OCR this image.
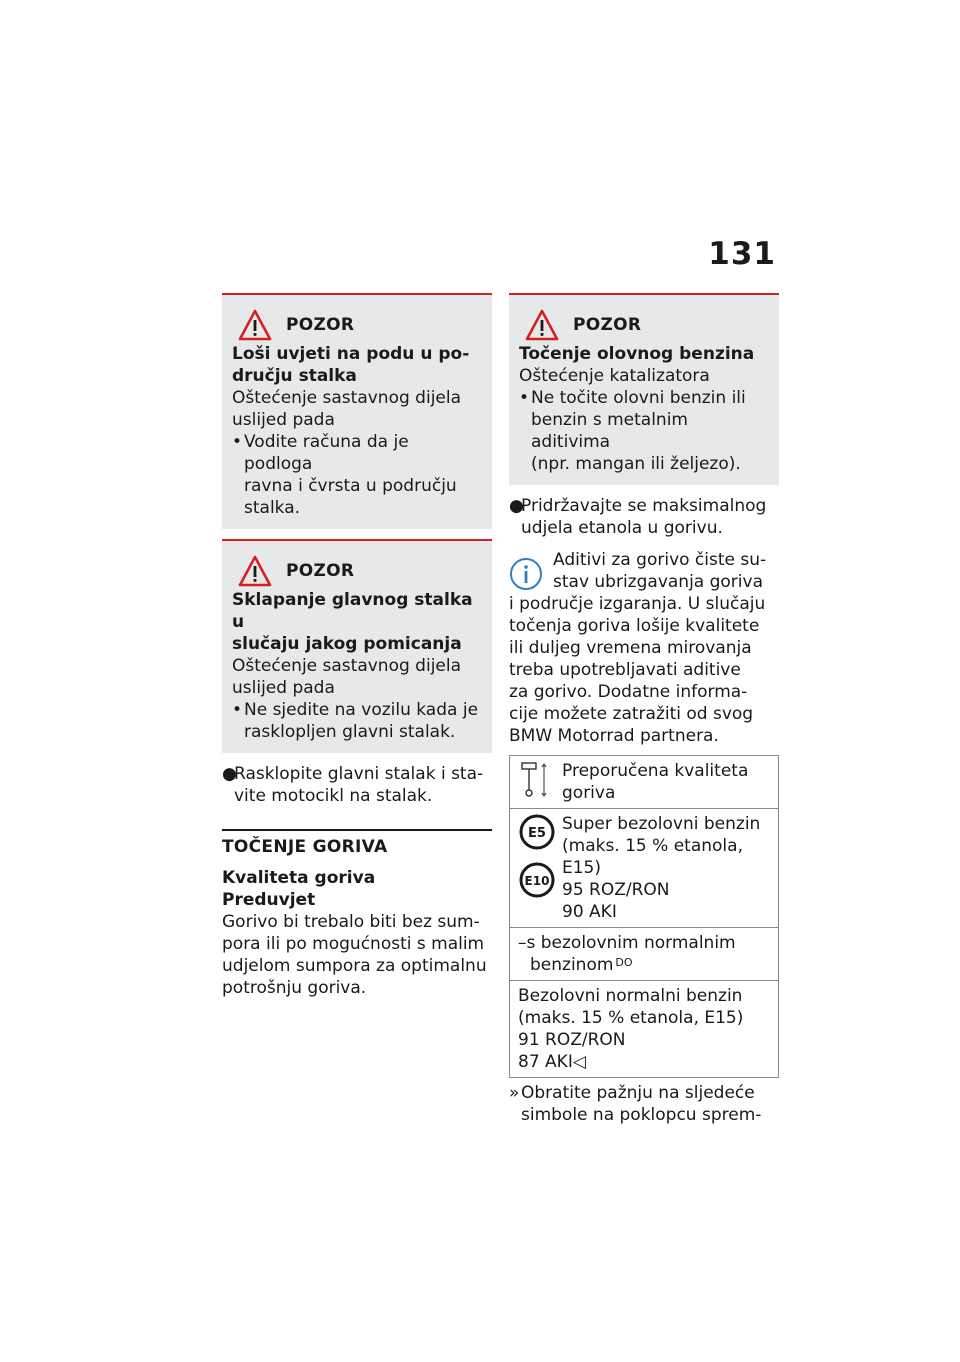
131
POZOR
Loši uvjeti na podu u po-
dručju stalka
Oštećenje sastavnog dijela
uslijed pada
• Vodite računa da je podloga
ravna i čvrsta u području
stalka.
POZOR
Sklapanje glavnog stalka u
slučaju jakog pomicanja
Oštećenje sastavnog dijela
uslijed pada
• Ne sjedite na vozilu kada je
rasklopljen glavni stalak.
●
Rasklopite glavni stalak i sta-
vite motocikl na stalak.
TOČENJE GORIVA
Kvaliteta goriva
Preduvjet
Gorivo bi trebalo biti bez sum-
pora ili po mogućnosti s malim
udjelom sumpora za optimalnu
potrošnju goriva.
POZOR
Točenje olovnog benzina
Oštećenje katalizatora
• Ne točite olovni benzin ili
benzin s metalnim aditivima
(npr. mangan ili željezo).
●
Pridržavajte se maksimalnog
udjela etanola u gorivu.
Aditivi za gorivo čiste su-
stav ubrizgavanja goriva
i područje izgaranja. U slučaju
točenja goriva lošije kvalitete
ili duljeg vremena mirovanja
treba upotrebljavati aditive
za gorivo. Dodatne informa-
cije možete zatražiti od svog
BMW Motorrad partnera.
Preporučena kvaliteta
goriva
E5

E10
Super bezolovni benzin
(maks. 15 % etanola,
E15)
95 ROZ/RON
90 AKI
–s bezolovnim normalnim
benzinom $^{DO}$
Bezolovni normalni benzin
(maks. 15 % etanola, E15)
91 ROZ/RON
87 AKI◁
» Obratite pažnju na sljedeće
simbole na poklopcu sprem-
